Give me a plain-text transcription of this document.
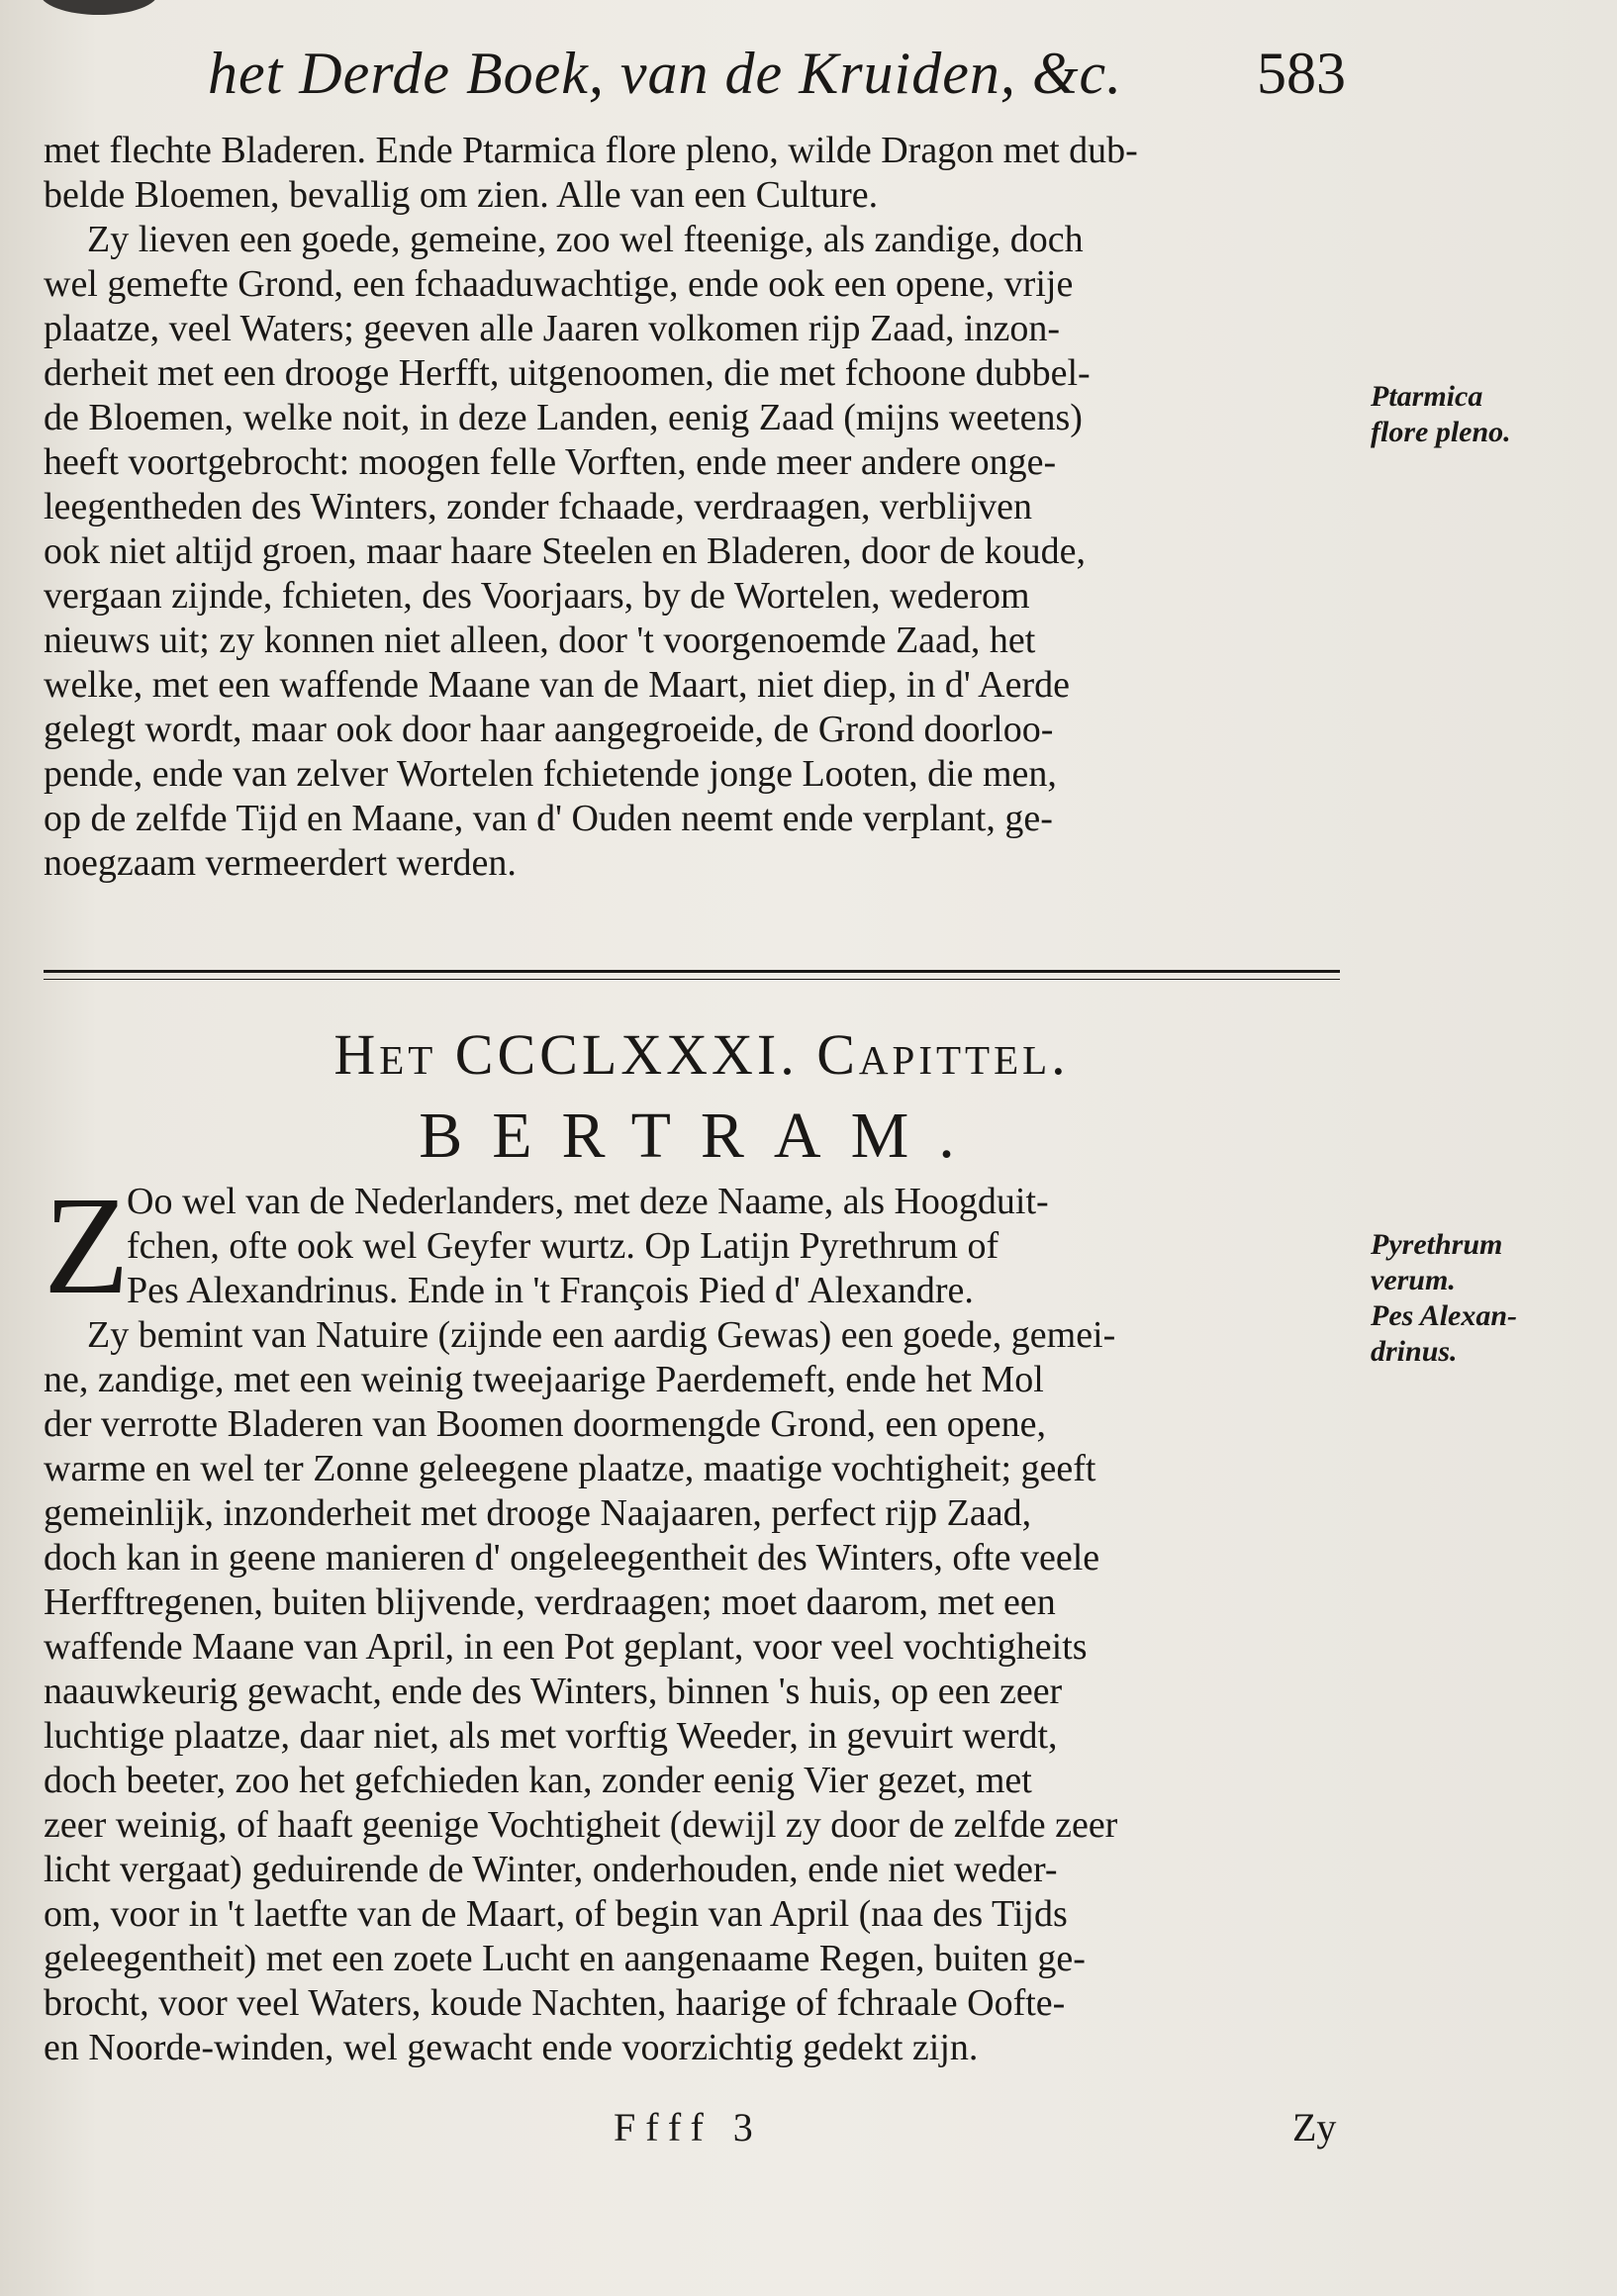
het Derde Boek, van de Kruiden, &c. 583
met flechte Bladeren. Ende Ptarmica flore pleno, wilde Dragon met dub-
belde Bloemen, bevallig om zien. Alle van een Culture.
Zy lieven een goede, gemeine, zoo wel fteenige, als zandige, doch
wel gemefte Grond, een fchaaduwachtige, ende ook een opene, vrije
plaatze, veel Waters; geeven alle Jaaren volkomen rijp Zaad, inzon-
derheit met een drooge Herfft, uitgenoomen, die met fchoone dubbel-
de Bloemen, welke noit, in deze Landen, eenig Zaad (mijns weetens)
heeft voortgebrocht: moogen felle Vorften, ende meer andere onge-
leegentheden des Winters, zonder fchaade, verdraagen, verblijven
ook niet altijd groen, maar haare Steelen en Bladeren, door de koude,
vergaan zijnde, fchieten, des Voorjaars, by de Wortelen, wederom
nieuws uit; zy konnen niet alleen, door 't voorgenoemde Zaad, het
welke, met een waffende Maane van de Maart, niet diep, in d' Aerde
gelegt wordt, maar ook door haar aangegroeide, de Grond doorloo-
pende, ende van zelver Wortelen fchietende jonge Looten, die men,
op de zelfde Tijd en Maane, van d' Ouden neemt ende verplant, ge-
noegzaam vermeerdert werden.
Ptarmica
flore pleno.
Het CCCLXXXI. Capittel.
BERTRAM.
Z
Oo wel van de Nederlanders, met deze Naame, als Hoogduit-
fchen, ofte ook wel Geyfer wurtz. Op Latijn Pyrethrum of
Pes Alexandrinus. Ende in 't François Pied d' Alexandre.
Zy bemint van Natuire (zijnde een aardig Gewas) een goede, gemei-
ne, zandige, met een weinig tweejaarige Paerdemeft, ende het Mol
der verrotte Bladeren van Boomen doormengde Grond, een opene,
warme en wel ter Zonne geleegene plaatze, maatige vochtigheit; geeft
gemeinlijk, inzonderheit met drooge Naajaaren, perfect rijp Zaad,
doch kan in geene manieren d' ongeleegentheit des Winters, ofte veele
Herfftregenen, buiten blijvende, verdraagen; moet daarom, met een
waffende Maane van April, in een Pot geplant, voor veel vochtigheits
naauwkeurig gewacht, ende des Winters, binnen 's huis, op een zeer
luchtige plaatze, daar niet, als met vorftig Weeder, in gevuirt werdt,
doch beeter, zoo het gefchieden kan, zonder eenig Vier gezet, met
zeer weinig, of haaft geenige Vochtigheit (dewijl zy door de zelfde zeer
licht vergaat) geduirende de Winter, onderhouden, ende niet weder-
om, voor in 't laetfte van de Maart, of begin van April (naa des Tijds
geleegentheit) met een zoete Lucht en aangenaame Regen, buiten ge-
brocht, voor veel Waters, koude Nachten, haarige of fchraale Oofte-
en Noorde-winden, wel gewacht ende voorzichtig gedekt zijn.
Pyrethrum
verum.
Pes Alexan-
drinus.
Ffff 3	Zy
